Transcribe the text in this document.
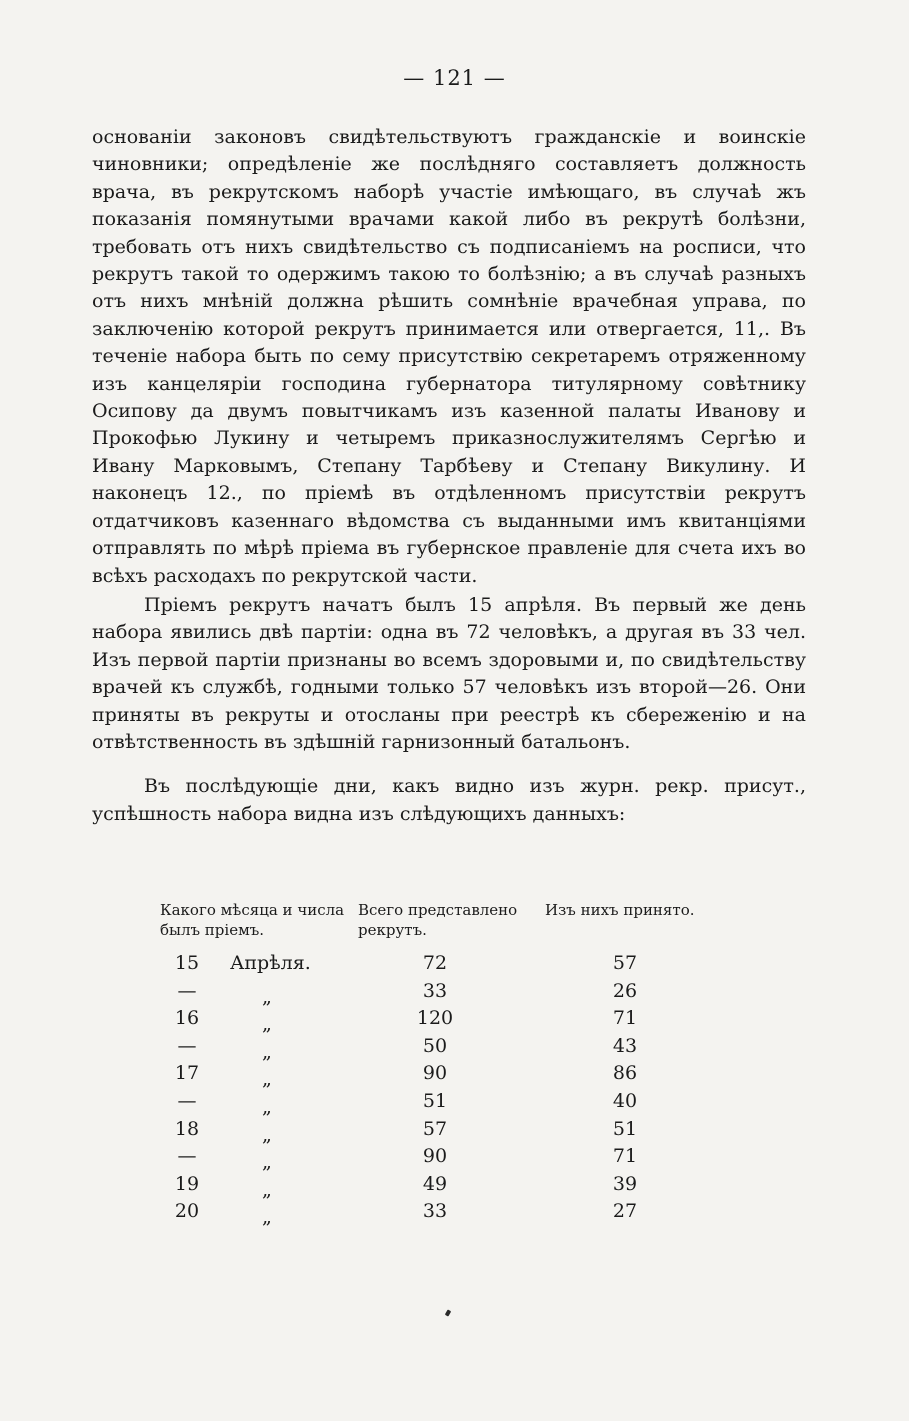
— 121 —

основаніи законовъ свидѣтельствуютъ гражданскіе и воинскіе чиновники; опредѣленіе же послѣдняго составляетъ должность врача, въ рекрутскомъ наборѣ участіе имѣющаго, въ случаѣ жъ показанія помянутыми врачами какой либо въ рекрутѣ болѣзни, требовать отъ нихъ свидѣтельство съ подписаніемъ на росписи, что рекрутъ такой то одержимъ такою то болѣзнію; а въ случаѣ разныхъ отъ нихъ мнѣній должна рѣшить сомнѣніе врачебная управа, по заключенію которой рекрутъ принимается или отвергается, 11,. Въ теченіе набора быть по сему присутствію секретаремъ отряженному изъ канцеляріи господина губернатора титулярному совѣтнику Осипову да двумъ повытчикамъ изъ казенной палаты Иванову и Прокофью Лукину и четыремъ приказнослужителямъ Сергѣю и Ивану Марковымъ, Степану Тарбѣеву и Степану Викулину. И наконецъ 12., по пріемѣ въ отдѣленномъ присутствіи рекрутъ отдатчиковъ казеннаго вѣдомства съ выданными имъ квитанціями отправлять по мѣрѣ пріема въ губернское правленіе для счета ихъ во всѣхъ расходахъ по рекрутской части.

Пріемъ рекрутъ начатъ былъ 15 апрѣля. Въ первый же день набора явились двѣ партіи: одна въ 72 человѣкъ, а другая въ 33 чел. Изъ первой партіи признаны во всемъ здоровыми и, по свидѣтельству врачей къ службѣ, годными только 57 человѣкъ изъ второй—26. Они приняты въ рекруты и отосланы при реестрѣ къ сбереженію и на отвѣтственность въ здѣшній гарнизонный батальонъ.

Въ послѣдующіе дни, какъ видно изъ журн. рекр. присут., успѣшность набора видна изъ слѣдующихъ данныхъ:

Какого мѣсяца и числа былъ пріемъ.
Всего представлено рекрутъ.
Изъ нихъ принято.
15	Апрѣля.	72	57
—	„	33	26
16	„	120	71
—	„	50	43
17	„	90	86
—	„	51	40
18	„	57	51
—	„	90	71
19	„	49	39
20	„	33	27
